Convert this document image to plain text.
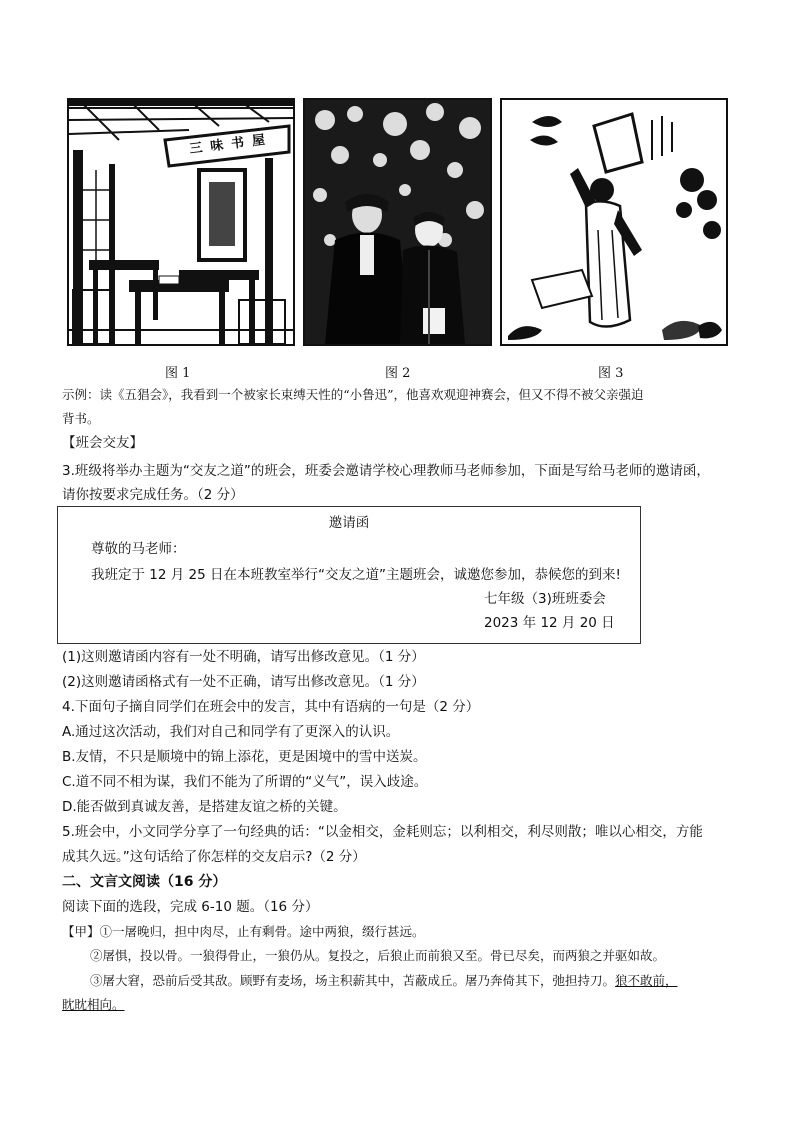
三味书屋
图 1	图 2	图 3
示例：读《五猖会》，我看到一个被家长束缚天性的“小鲁迅”，他喜欢观迎神赛会，但又不得不被父亲强迫
背书。
【班会交友】
3.班级将举办主题为“交友之道”的班会，班委会邀请学校心理教师马老师参加，下面是写给马老师的邀请函，
请你按要求完成任务。（2 分）
邀请函
尊敬的马老师：
我班定于 12 月 25 日在本班教室举行“交友之道”主题班会，诚邀您参加，恭候您的到来!
七年级（3)班班委会
2023 年 12 月 20 日
(1)这则邀请函内容有一处不明确，请写出修改意见。（1 分）
(2)这则邀请函格式有一处不正确，请写出修改意见。（1 分）
4.下面句子摘自同学们在班会中的发言，其中有语病的一句是（2 分）
A.通过这次活动，我们对自己和同学有了更深入的认识。
B.友情，不只是顺境中的锦上添花，更是困境中的雪中送炭。
C.道不同不相为谋，我们不能为了所谓的“义气”，误入歧途。
D.能否做到真诚友善，是搭建友谊之桥的关键。
5.班会中，小文同学分享了一句经典的话：“以金相交，金耗则忘；以利相交，利尽则散；唯以心相交，方能
成其久远。”这句话给了你怎样的交友启示?（2 分）
二、文言文阅读（16 分）
阅读下面的选段，完成 6-10 题。（16 分）
【甲】①一屠晚归，担中肉尽，止有剩骨。途中两狼，缀行甚远。
②屠惧，投以骨。一狼得骨止，一狼仍从。复投之，后狼止而前狼又至。骨已尽矣，而两狼之并驱如故。
③屠大窘，恐前后受其敌。顾野有麦场，场主积薪其中，苫蔽成丘。屠乃奔倚其下，弛担持刀。狼不敢前，
眈眈相向。
